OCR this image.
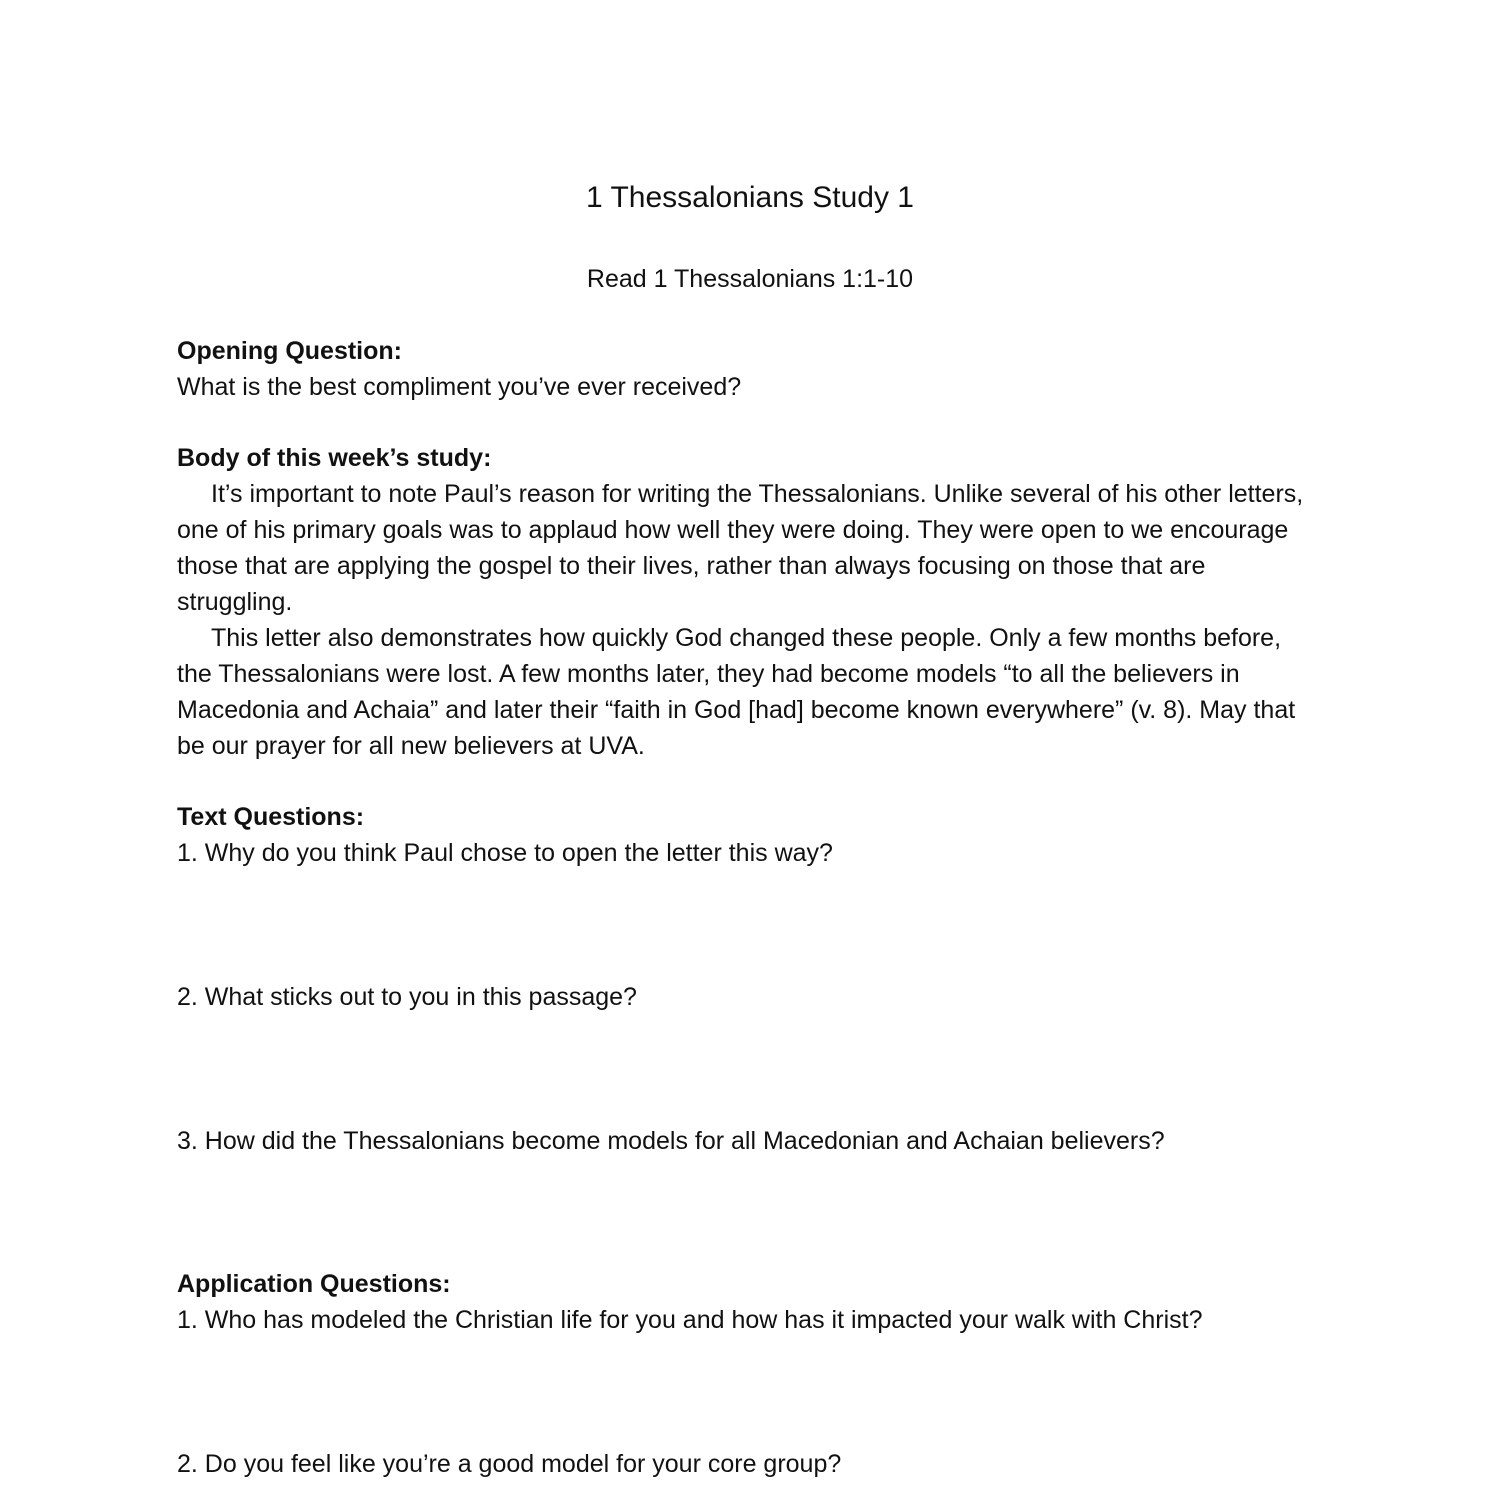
1 Thessalonians Study 1
Read 1 Thessalonians 1:1-10
Opening Question:
What is the best compliment you’ve ever received?
Body of this week’s study:
It’s important to note Paul’s reason for writing the Thessalonians. Unlike several of his other letters, one of his primary goals was to applaud how well they were doing. They were open to we encourage those that are applying the gospel to their lives, rather than always focusing on those that are struggling.
This letter also demonstrates how quickly God changed these people. Only a few months before, the Thessalonians were lost. A few months later, they had become models “to all the believers in Macedonia and Achaia” and later their “faith in God [had] become known everywhere” (v. 8). May that be our prayer for all new believers at UVA.
Text Questions:
1. Why do you think Paul chose to open the letter this way?
2. What sticks out to you in this passage?
3. How did the Thessalonians become models for all Macedonian and Achaian believers?
Application Questions:
1. Who has modeled the Christian life for you and how has it impacted your walk with Christ?
2. Do you feel like you’re a good model for your core group?
